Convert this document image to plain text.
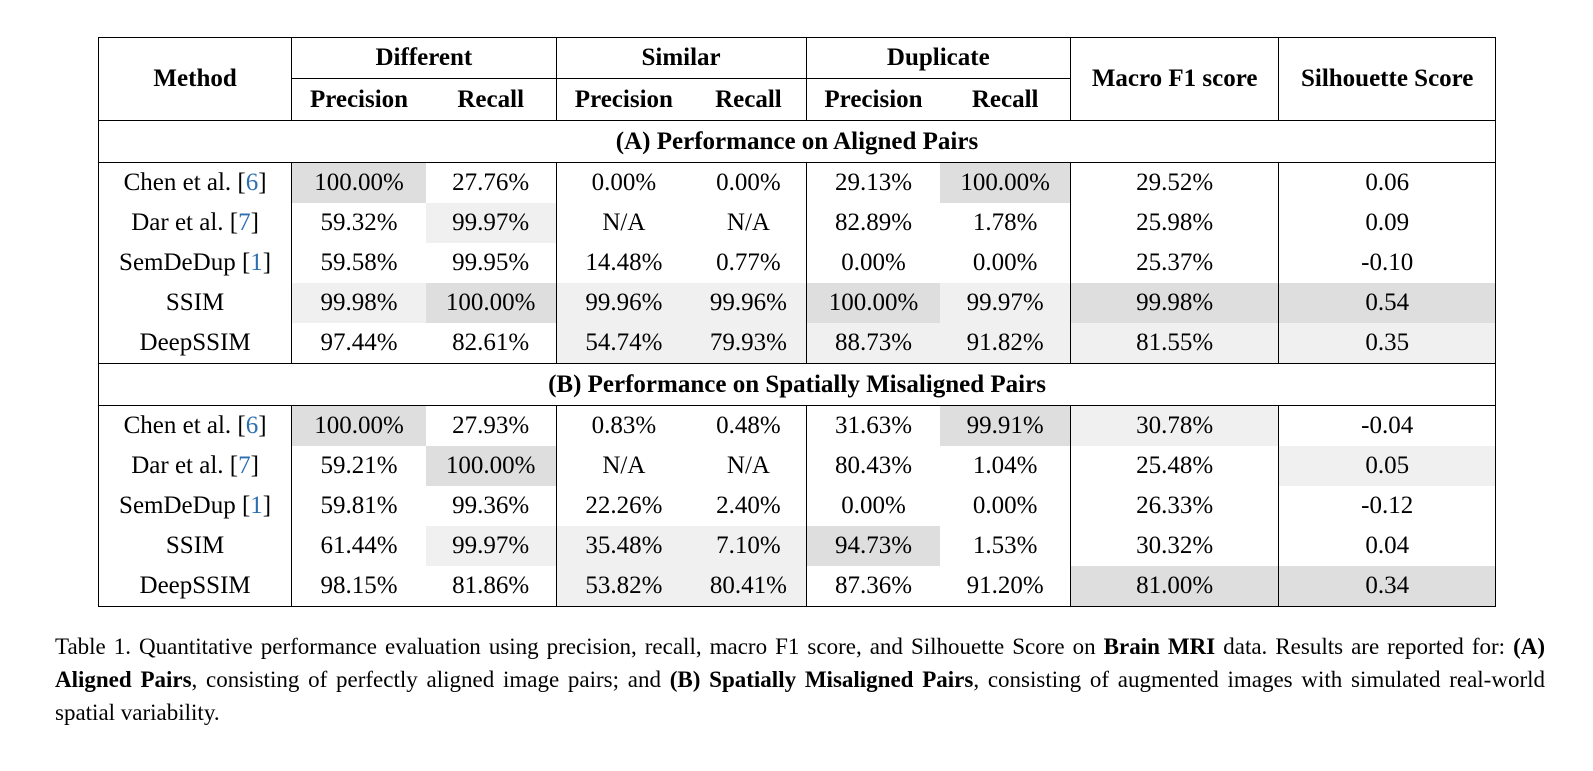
Method	Different		Similar		Duplicate		Macro F1 score	Silhouette Score
	Precision	Recall	Precision	Recall	Precision	Recall		
(A) Performance on Aligned Pairs								
Chen et al. [6]	100.00%	27.76%	0.00%	0.00%	29.13%	100.00%	29.52%	0.06
Dar et al. [7]	59.32%	99.97%	N/A	N/A	82.89%	1.78%	25.98%	0.09
SemDeDup [1]	59.58%	99.95%	14.48%	0.77%	0.00%	0.00%	25.37%	-0.10
SSIM	99.98%	100.00%	99.96%	99.96%	100.00%	99.97%	99.98%	0.54
DeepSSIM	97.44%	82.61%	54.74%	79.93%	88.73%	91.82%	81.55%	0.35
(B) Performance on Spatially Misaligned Pairs								
Chen et al. [6]	100.00%	27.93%	0.83%	0.48%	31.63%	99.91%	30.78%	-0.04
Dar et al. [7]	59.21%	100.00%	N/A	N/A	80.43%	1.04%	25.48%	0.05
SemDeDup [1]	59.81%	99.36%	22.26%	2.40%	0.00%	0.00%	26.33%	-0.12
SSIM	61.44%	99.97%	35.48%	7.10%	94.73%	1.53%	30.32%	0.04
DeepSSIM	98.15%	81.86%	53.82%	80.41%	87.36%	91.20%	81.00%	0.34
Table 1. Quantitative performance evaluation using precision, recall, macro F1 score, and Silhouette Score on Brain MRI data. Results are reported for: (A) Aligned Pairs, consisting of perfectly aligned image pairs; and (B) Spatially Misaligned Pairs, consisting of augmented images with simulated real-world spatial variability.
